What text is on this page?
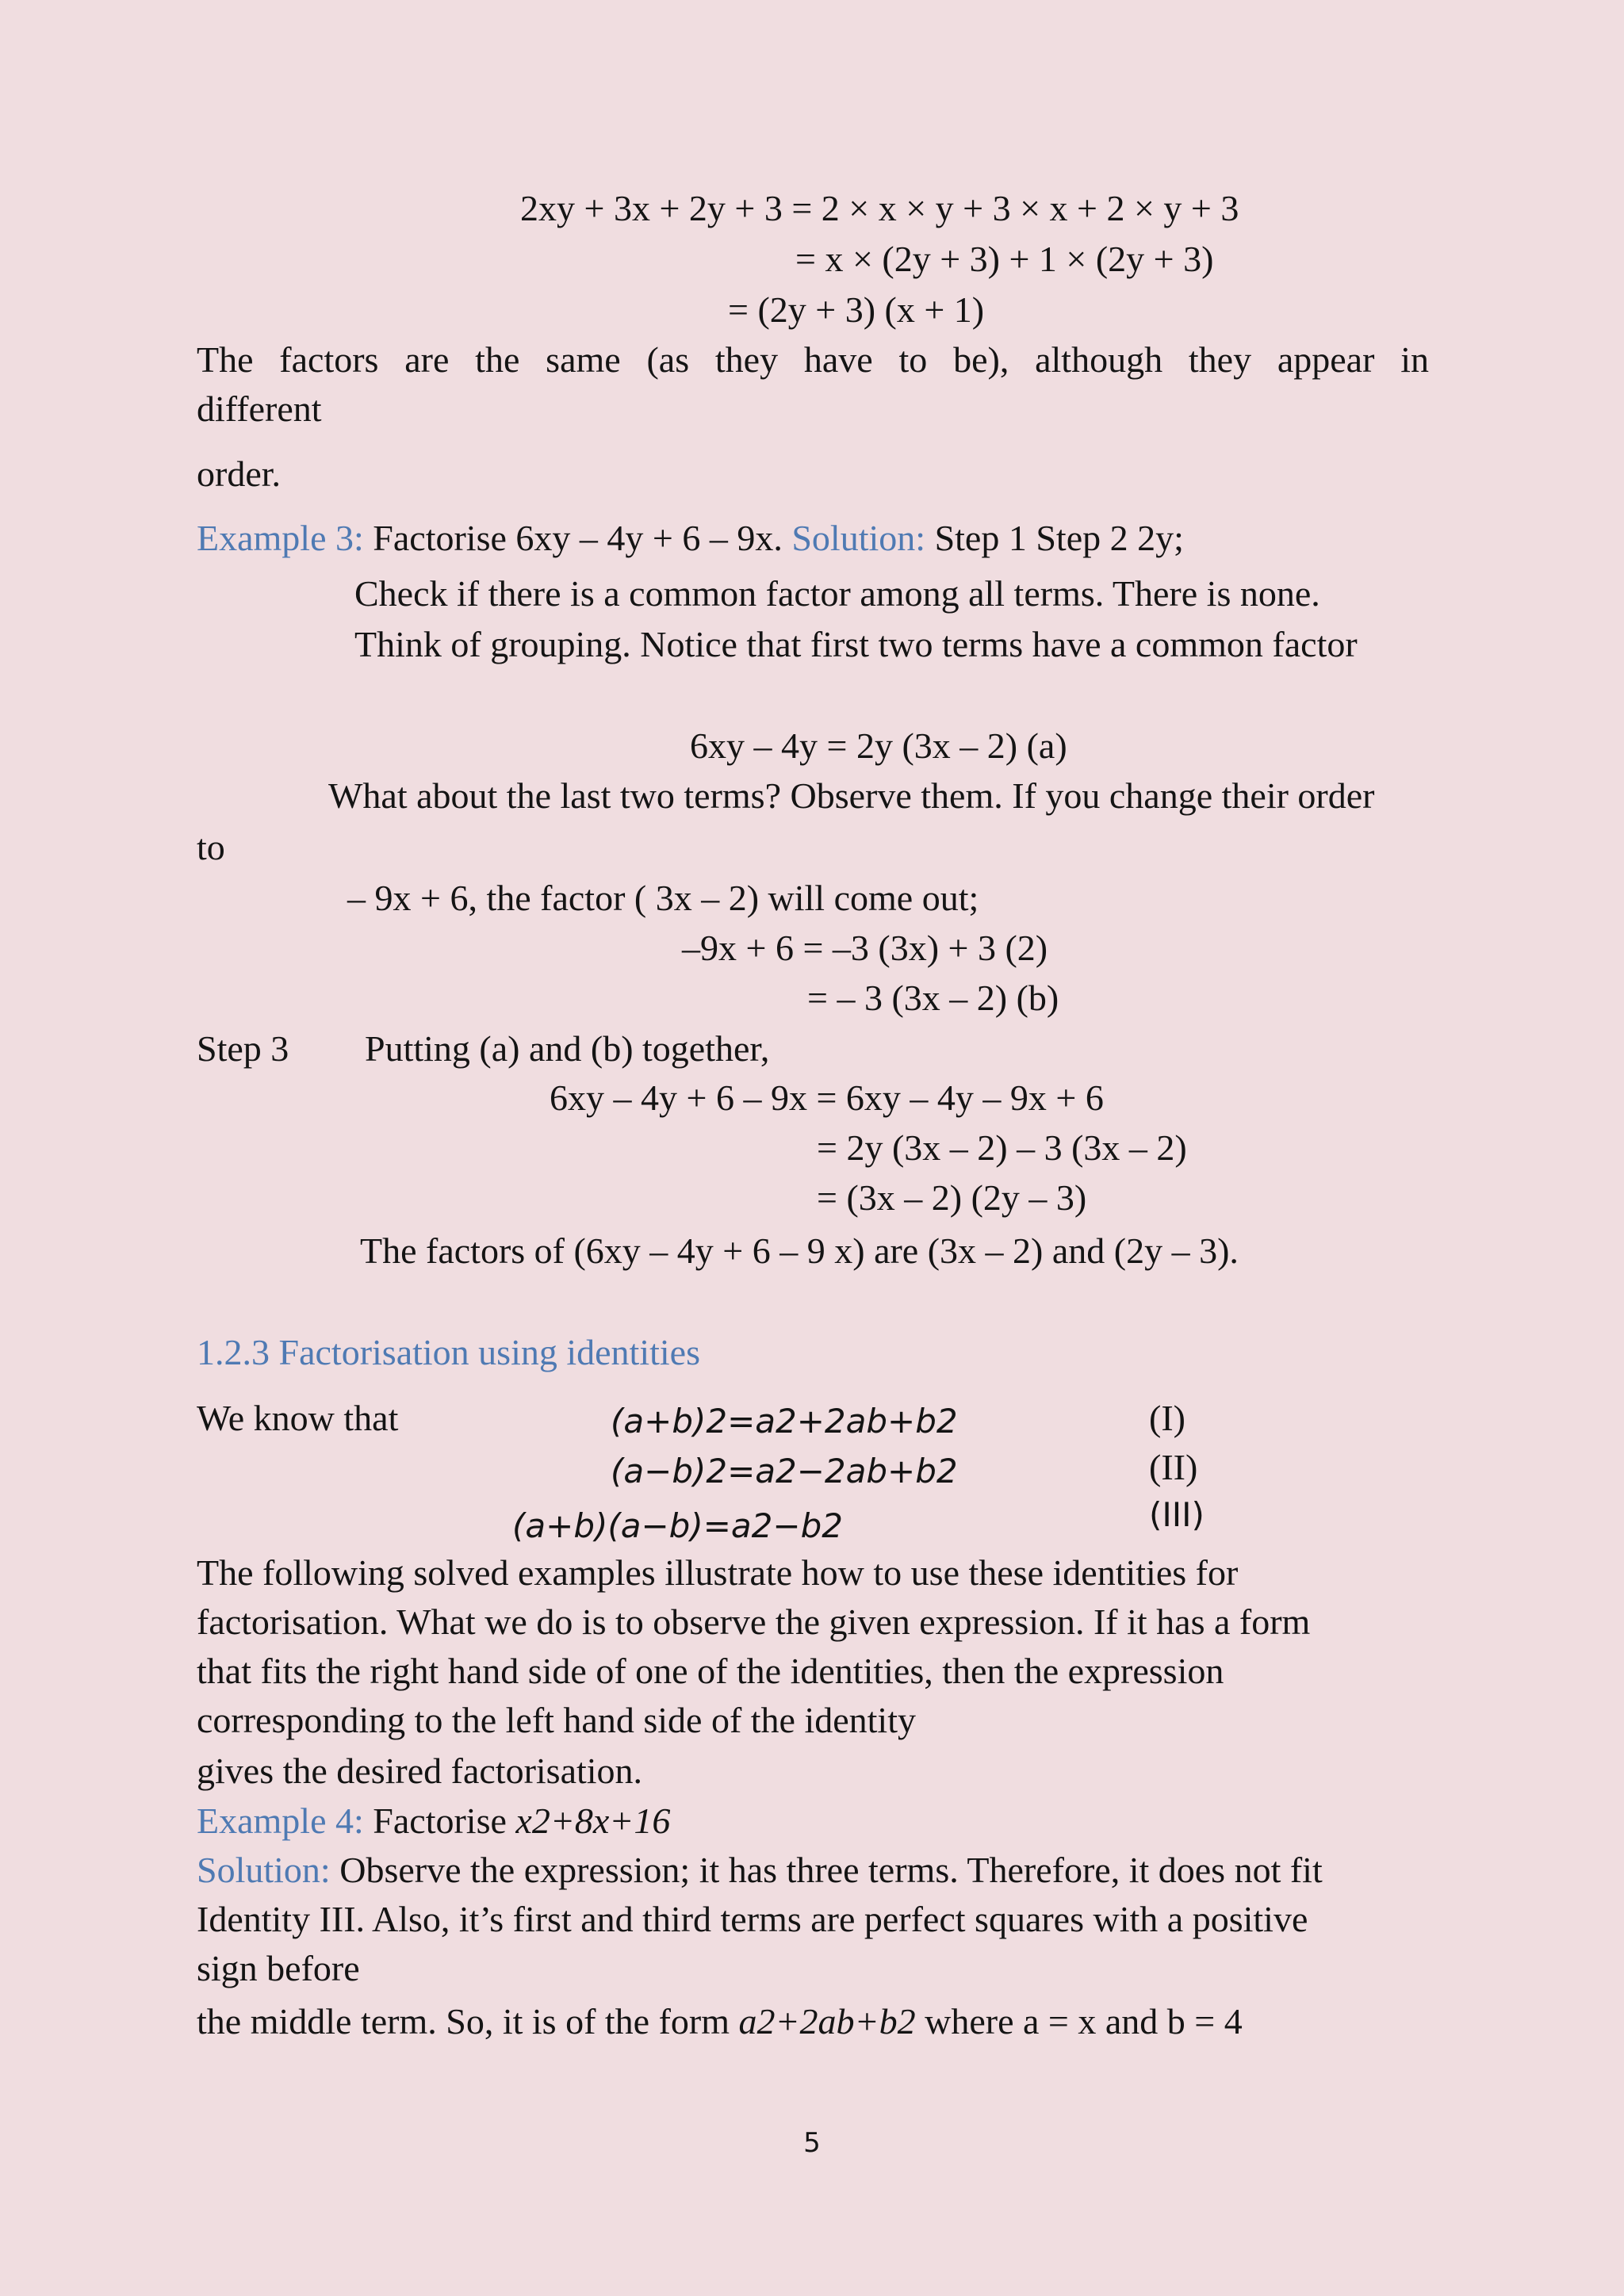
2xy + 3x + 2y + 3 = 2 × x × y + 3 × x + 2 × y + 3
= x × (2y + 3) + 1 × (2y + 3)
= (2y + 3) (x + 1)
The factors are the same (as they have to be), although they appear in
different
order.
Example 3: Factorise 6xy – 4y + 6 – 9x. Solution: Step 1 Step 2 2y;
Check if there is a common factor among all terms. There is none.
Think of grouping. Notice that first two terms have a common factor
6xy – 4y = 2y (3x – 2) (a)
What about the last two terms? Observe them. If you change their order
to
– 9x + 6, the factor ( 3x – 2) will come out;
–9x + 6 = –3 (3x) + 3 (2)
= – 3 (3x – 2) (b)
Step 3 Putting (a) and (b) together,
6xy – 4y + 6 – 9x = 6xy – 4y – 9x + 6
= 2y (3x – 2) – 3 (3x – 2)
= (3x – 2) (2y – 3)
The factors of (6xy – 4y + 6 – 9 x) are (3x – 2) and (2y – 3).
1.2.3 Factorisation using identities
We know that	(a+b)2=a2+2ab+b2	(I)
(a−b)2=a2−2ab+b2	(II)
(a+b)(a−b)=a2−b2	(III)
The following solved examples illustrate how to use these identities for
factorisation. What we do is to observe the given expression. If it has a form
that fits the right hand side of one of the identities, then the expression
corresponding to the left hand side of the identity
gives the desired factorisation.
Example 4: Factorise x2+8x+16
Solution: Observe the expression; it has three terms. Therefore, it does not fit
Identity III. Also, it’s first and third terms are perfect squares with a positive
sign before
the middle term. So, it is of the form a2+2ab+b2 where a = x and b = 4
5
